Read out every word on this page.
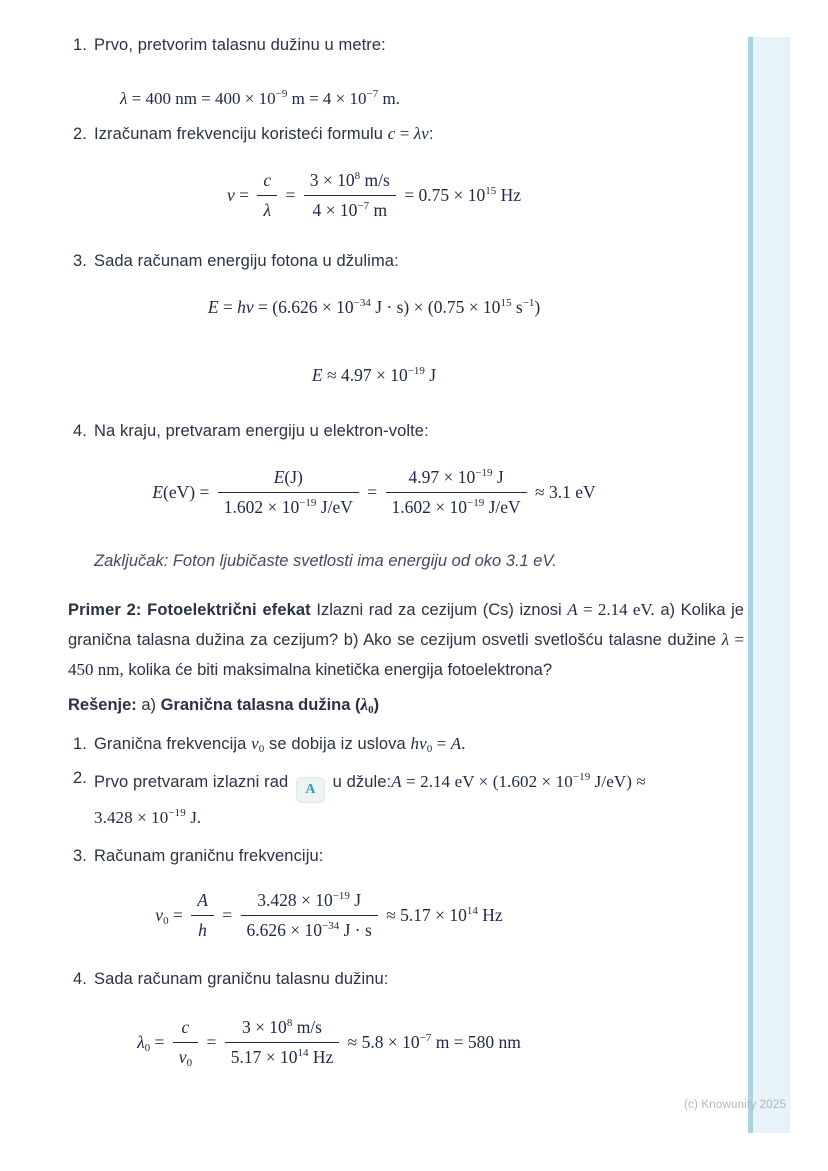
1. Prvo, pretvorim talasnu dužinu u metre:
λ = 400 nm = $400 \times 10^{-9}$ $m = 4 \times 10^{-7}$ m.
2. Izračunam frekvenciju koristeći formulu c = λv:
$v = \frac{c}{\lambda} = \frac{3 \times 10^8 m/s}{4 \times 10^{-7} m} = 0.75 \times 10^{15}$ Hz
3. Sada računam energiju fotona u džulima:
E = hv = ($6.626 \times 10^{-34}$ $J \cdot s) \times (0.75 \times 10^{15}$ $s^{-1}$)
$E \approx 4.97 \times 10^{-19}$ J
4. Na kraju, pretvaram energiju u elektron-volte:
$E(eV) = \frac{E(J)}{1.602 \times 10^{-19} J/eV} = \frac{4.97 \times 10^{-19} J}{1.602 \times 10^{-19} J/eV} \approx 3.1$ eV
Zaključak: Foton ljubičaste svetlosti ima energiju od oko 3.1 eV.
Primer 2: Fotoelektrični efekat Izlazni rad za cezijum (Cs) iznosi A = 2.14 eV. a) Kolika je granična talasna dužina za cezijum? b) Ako se cezijum osvetli svetlošću talasne dužine λ = 450 nm, kolika će biti maksimalna kinetička energija fotoelektrona?
Rešenje: a) Granična talasna dužina $(\lambda_0)$
1. Granična frekvencija $v_0$ se dobija iz uslova $hv_0 = A$.
2. Prvo pretvaram izlazni rad A u džule:A = 2.14 eV × ($1.602 \times 10^{-19}$ $J/eV) \approx 3.428 \times 10^{-19}$ J.
3. Računam graničnu frekvenciju:
$v_0 = \frac{A}{h} = \frac{3.428 \times 10^{-19} J}{6.626 \times 10^{-34} J \cdot s} \approx 5.17 \times 10^{14}$ Hz
4. Sada računam graničnu talasnu dužinu:
$\lambda_0 = \frac{c}{v_0} = \frac{3 \times 10^8 m/s}{5.17 \times 10^{14} Hz} \approx 5.8 \times 10^{-7}$ m = 580 nm
(c) Knowunity 2025
